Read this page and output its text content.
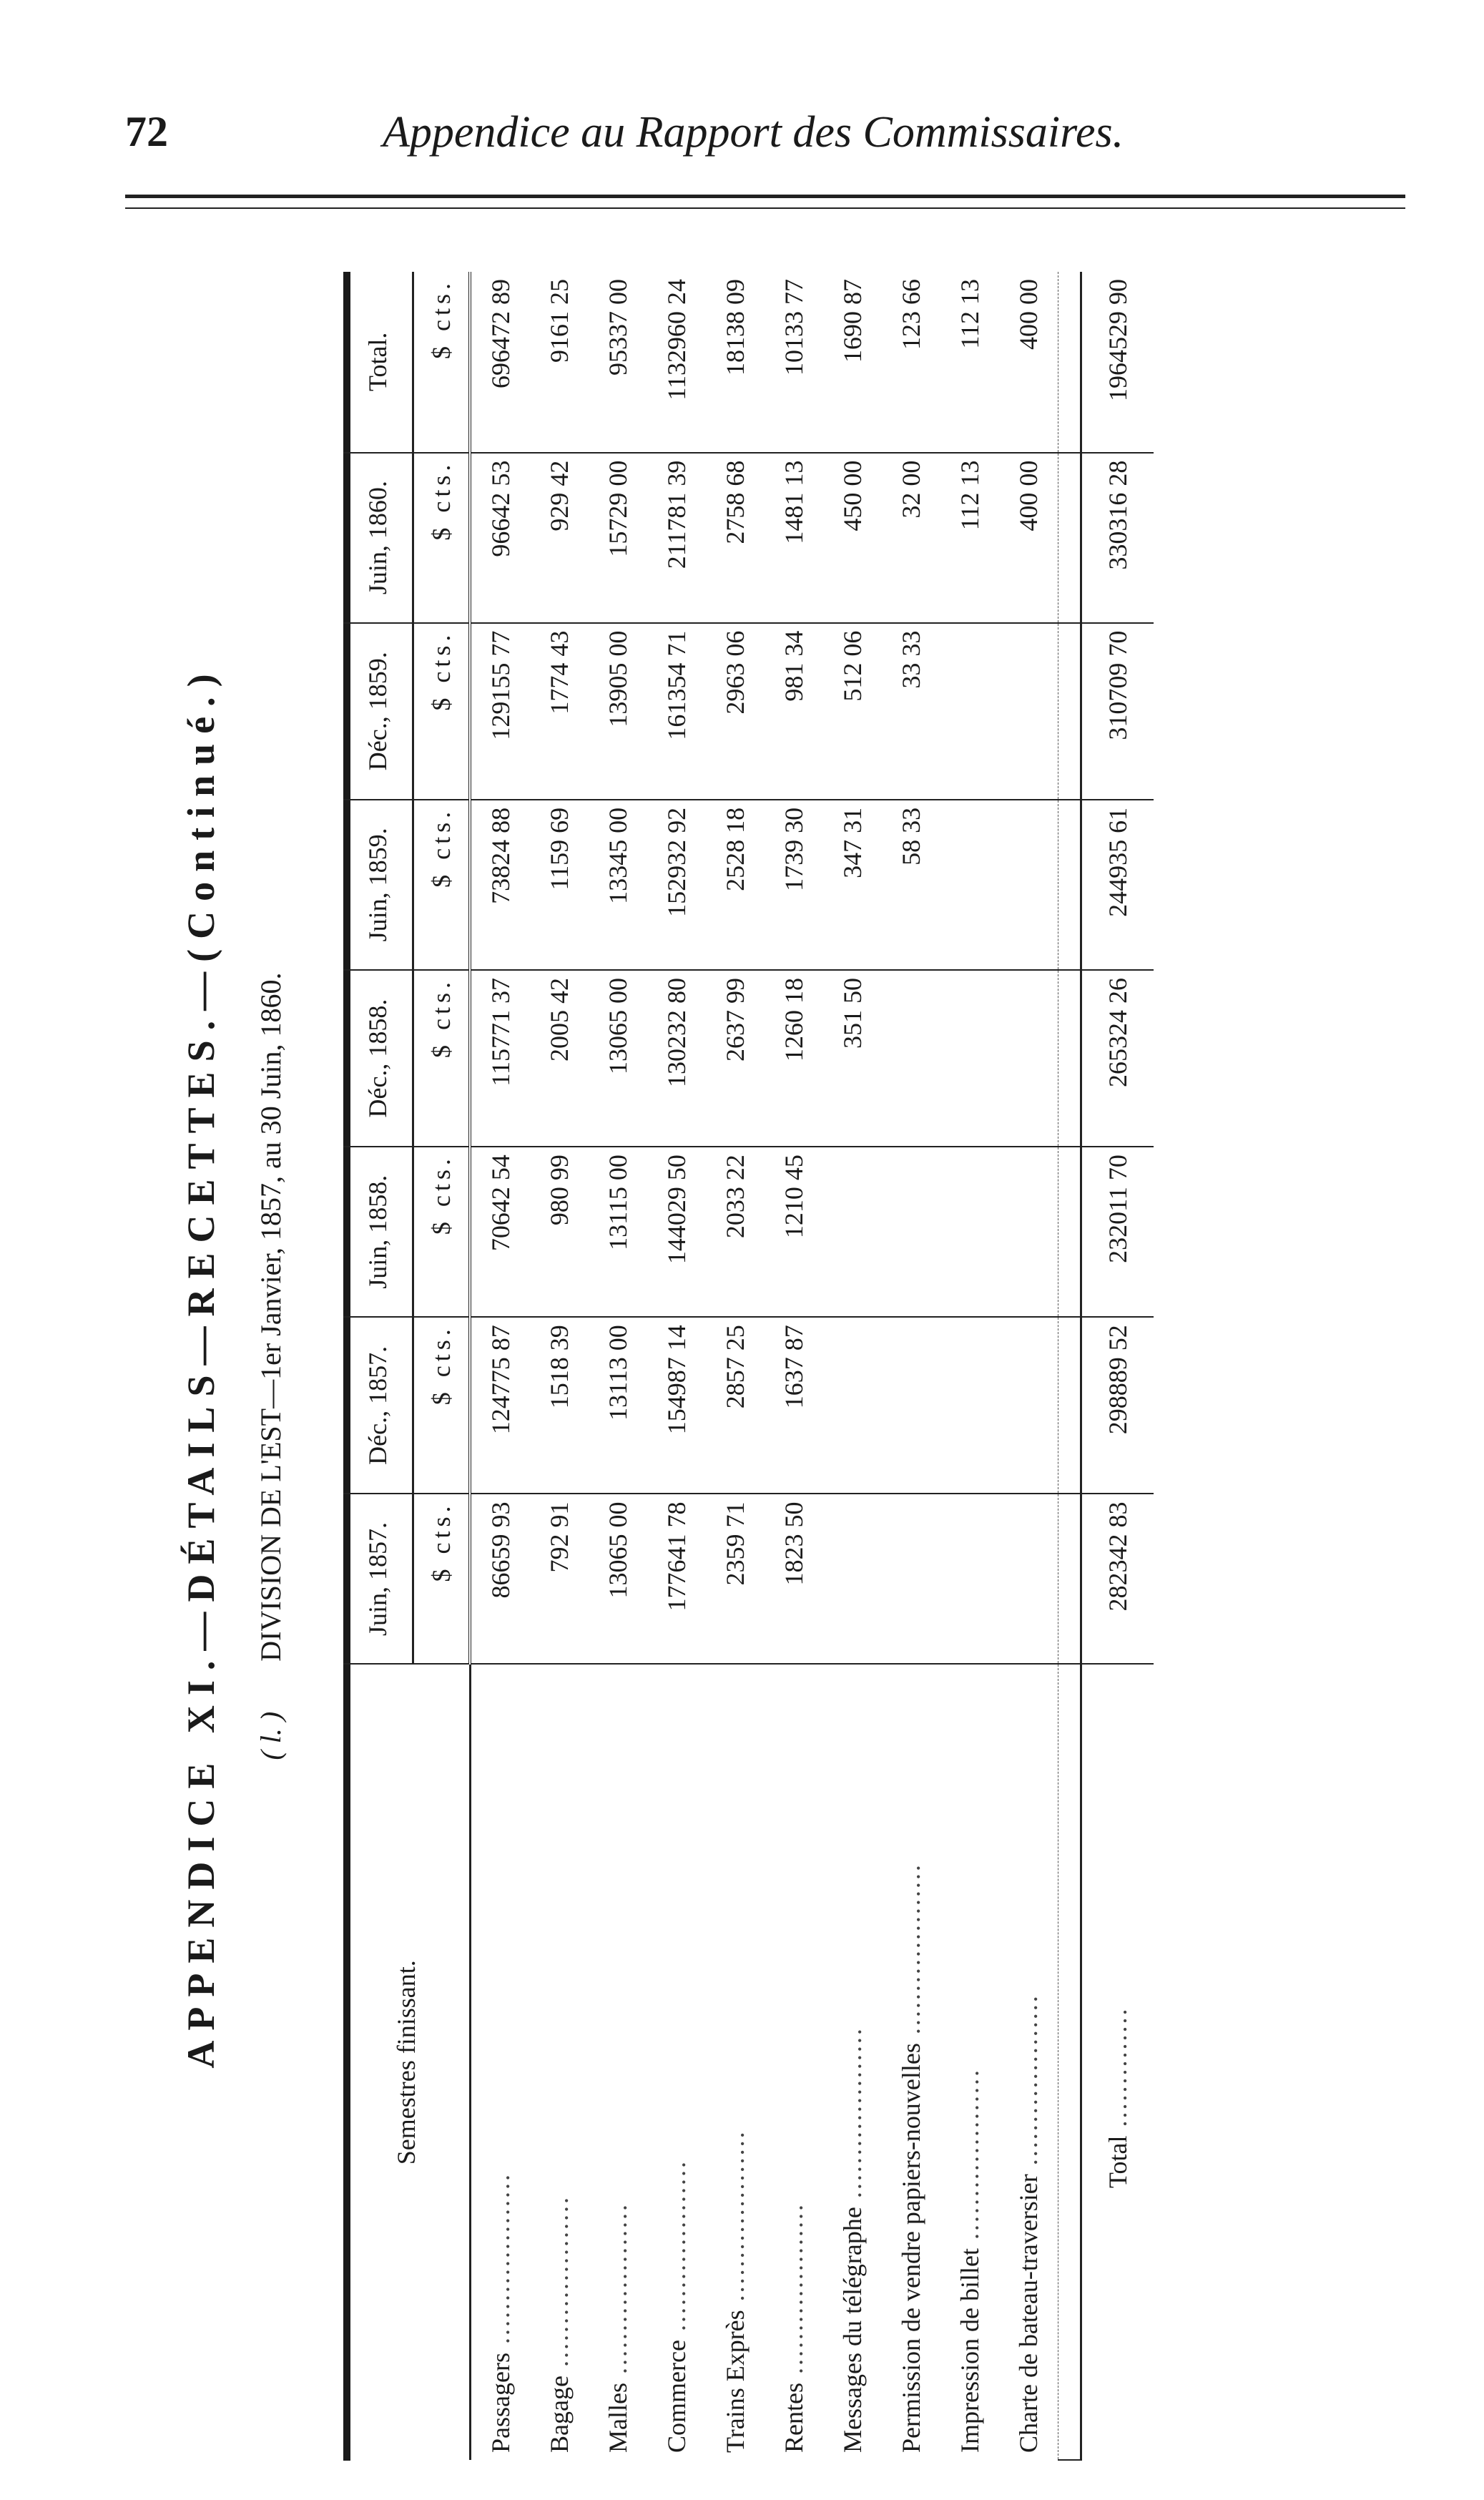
72	Appendice au Rapport des Commissaires.
APPENDICE XI.—DÉTAILS—RECETTES.—(Continué.) ( l. ) DIVISION DE L'EST—1er Janvier, 1857, au 30 Juin, 1860.
Semestres finissant.	Juin, 1857.	Déc., 1857.	Juin, 1858.	Déc., 1858.	Juin, 1859.	Déc., 1859.	Juin, 1860.	Total.
	$ cts.	$ cts.	$ cts.	$ cts.	$ cts.	$ cts.	$ cts.	$ cts.
Passagers ....................	86659 93	124775 87	70642 54	115771 37	73824 88	129155 77	96642 53	696472 89
Bagage ....................	792 91	1518 39	980 99	2005 42	1159 69	1774 43	929 42	9161 25
Malles ....................	13065 00	13113 00	13115 00	13065 00	13345 00	13905 00	15729 00	95337 00
Commerce ....................	177641 78	154987 14	144029 50	130232 80	152932 92	161354 71	211781 39	1132960 24
Trains Exprès ....................	2359 71	2857 25	2033 22	2637 99	2528 18	2963 06	2758 68	18138 09
Rentes ....................	1823 50	1637 87	1210 45	1260 18	1739 30	981 34	1481 13	10133 77
Messages du télégraphe ....................				351 50	347 31	512 06	450 00	1690 87
Permission de vendre papiers-nouvelles ....................					58 33	33 33	32 00	123 66
Impression de billet ....................							112 13	112 13
Charte de bateau-traversier ....................							400 00	400 00

Total ..............	282342 83	298889 52	232011 70	265324 26	244935 61	310709 70	330316 28	1964529 90
